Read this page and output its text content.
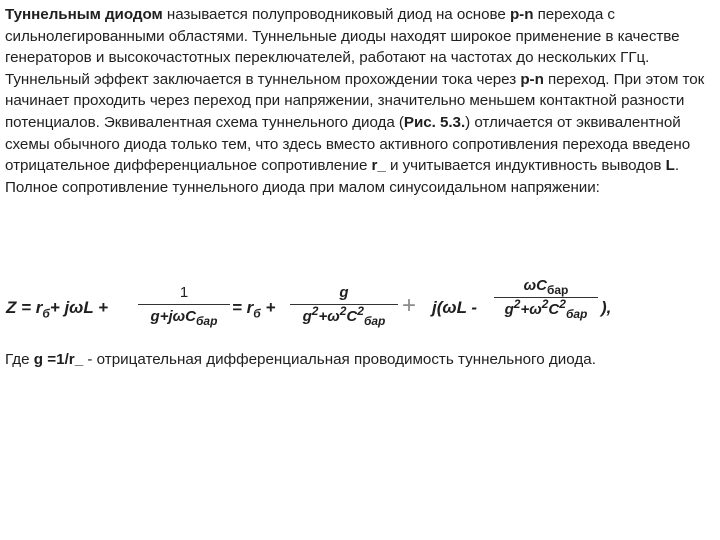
Туннельным диодом называется полупроводниковый диод на основе p-n перехода с сильнолегированными областями. Туннельные диоды находят широкое применение в качестве генераторов и высокочастотных переключателей, работают на частотах до нескольких ГГц. Туннельный эффект заключается в туннельном прохождении тока через p-n переход. При этом ток начинает проходить через переход при напряжении, значительно меньшем контактной разности потенциалов. Эквивалентная схема туннельного диода (Рис. 5.3.) отличается от эквивалентной схемы обычного диода только тем, что здесь вместо активного сопротивления перехода введено отрицательное дифференциальное сопротивление r_ и учитывается индуктивность выводов L.

Полное сопротивление туннельного диода при малом синусоидальном напряжении:

$Z = r_б+ j\omega L$ +
1
g+jωC$_{бар}$
= $r_б$ +
g
$g^2+\omega^2C^2_{бар}$
+ j(ωL -
$\omega C_{бар}$
$g^2+\omega^2C^2_{бар}$ ),
Где g =1/r_ - отрицательная дифференциальная проводимость туннельного диода.
